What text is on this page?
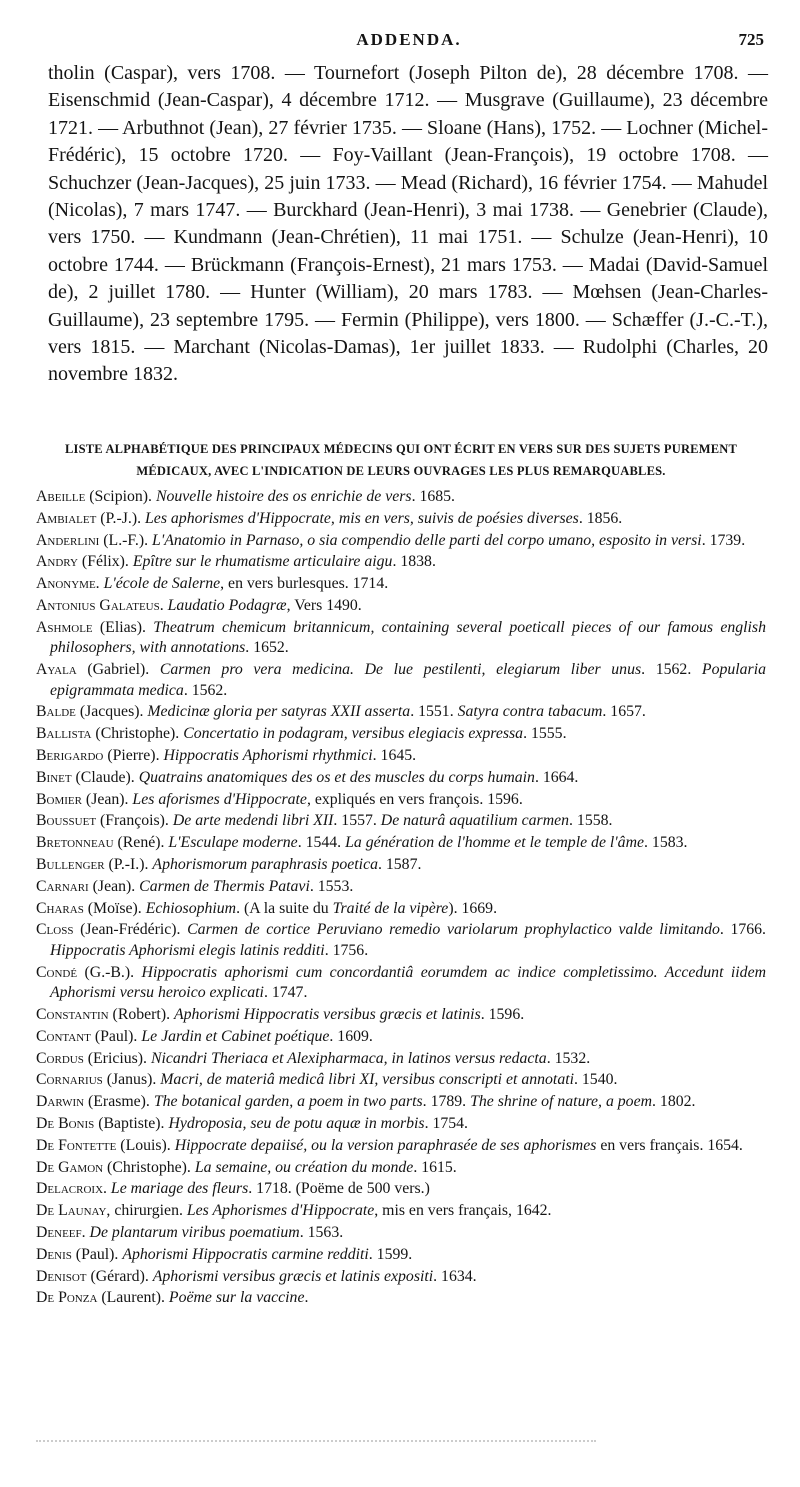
ADDENDA.	725
tholin (Caspar), vers 1708. — Tournefort (Joseph Pilton de), 28 décembre 1708. — Eisenschmid (Jean-Caspar), 4 décembre 1712. — Musgrave (Guillaume), 23 décembre 1721. — Arbuthnot (Jean), 27 février 1735. — Sloane (Hans), 1752. — Lochner (Michel-Frédéric), 15 octobre 1720. — Foy-Vaillant (Jean-François), 19 octobre 1708. — Schuchzer (Jean-Jacques), 25 juin 1733. — Mead (Richard), 16 février 1754. — Mahudel (Nicolas), 7 mars 1747. — Burckhard (Jean-Henri), 3 mai 1738. — Genebrier (Claude), vers 1750. — Kundmann (Jean-Chrétien), 11 mai 1751. — Schulze (Jean-Henri), 10 octobre 1744. — Brückmann (François-Ernest), 21 mars 1753. — Madai (David-Samuel de), 2 juillet 1780. — Hunter (William), 20 mars 1783. — Mœhsen (Jean-Charles-Guillaume), 23 septembre 1795. — Fermin (Philippe), vers 1800. — Schæffer (J.-C.-T.), vers 1815. — Marchant (Nicolas-Damas), 1er juillet 1833. — Rudolphi (Charles, 20 novembre 1832.
LISTE ALPHABÉTIQUE DES PRINCIPAUX MÉDECINS QUI ONT ÉCRIT EN VERS SUR DES SUJETS PUREMENT
MÉDICAUX, AVEC L'INDICATION DE LEURS OUVRAGES LES PLUS REMARQUABLES.
Abeille (Scipion). Nouvelle histoire des os enrichie de vers. 1685.
Ambialet (P.-J.). Les aphorismes d'Hippocrate, mis en vers, suivis de poésies diverses. 1856.
Anderlini (L.-F.). L'Anatomio in Parnaso, o sia compendio delle parti del corpo umano, esposito in versi. 1739.
Andry (Félix). Epître sur le rhumatisme articulaire aigu. 1838.
Anonyme. L'école de Salerne, en vers burlesques. 1714.
Antonius Galateus. Laudatio Podagræ, Vers 1490.
Ashmole (Elias). Theatrum chemicum britannicum, containing several poeticall pieces of our famous english philosophers, with annotations. 1652.
Ayala (Gabriel). Carmen pro vera medicina. De lue pestilenti, elegiarum liber unus. 1562. Popularia epigrammata medica. 1562.
Balde (Jacques). Medicinæ gloria per satyras XXII asserta. 1551. Satyra contra tabacum. 1657.
Ballista (Christophe). Concertatio in podagram, versibus elegiacis expressa. 1555.
Berigardo (Pierre). Hippocratis Aphorismi rhythmici. 1645.
Binet (Claude). Quatrains anatomiques des os et des muscles du corps humain. 1664.
Bomier (Jean). Les aforismes d'Hippocrate, expliqués en vers françois. 1596.
Boussuet (François). De arte medendi libri XII. 1557. De naturâ aquatilium carmen. 1558.
Bretonneau (René). L'Esculape moderne. 1544. La génération de l'homme et le temple de l'âme. 1583.
Bullenger (P.-I.). Aphorismorum paraphrasis poetica. 1587.
Carnari (Jean). Carmen de Thermis Patavi. 1553.
Charas (Moïse). Echiosophium. (A la suite du Traité de la vipère). 1669.
Closs (Jean-Frédéric). Carmen de cortice Peruviano remedio variolarum prophylactico valde limitando. 1766. Hippocratis Aphorismi elegis latinis redditi. 1756.
Condé (G.-B.). Hippocratis aphorismi cum concordantiâ eorumdem ac indice completissimo. Accedunt iidem Aphorismi versu heroico explicati. 1747.
Constantin (Robert). Aphorismi Hippocratis versibus græcis et latinis. 1596.
Contant (Paul). Le Jardin et Cabinet poétique. 1609.
Cordus (Ericius). Nicandri Theriaca et Alexipharmaca, in latinos versus redacta. 1532.
Cornarius (Janus). Macri, de materiâ medicâ libri XI, versibus conscripti et annotati. 1540.
Darwin (Erasme). The botanical garden, a poem in two parts. 1789. The shrine of nature, a poem. 1802.
De Bonis (Baptiste). Hydroposia, seu de potu aquæ in morbis. 1754.
De Fontette (Louis). Hippocrate depaiisé, ou la version paraphrasée de ses aphorismes en vers français. 1654.
De Gamon (Christophe). La semaine, ou création du monde. 1615.
Delacroix. Le mariage des fleurs. 1718. (Poëme de 500 vers.)
De Launay, chirurgien. Les Aphorismes d'Hippocrate, mis en vers français, 1642.
Deneef. De plantarum viribus poematium. 1563.
Denis (Paul). Aphorismi Hippocratis carmine redditi. 1599.
Denisot (Gérard). Aphorismi versibus græcis et latinis expositi. 1634.
De Ponza (Laurent). Poëme sur la vaccine.
